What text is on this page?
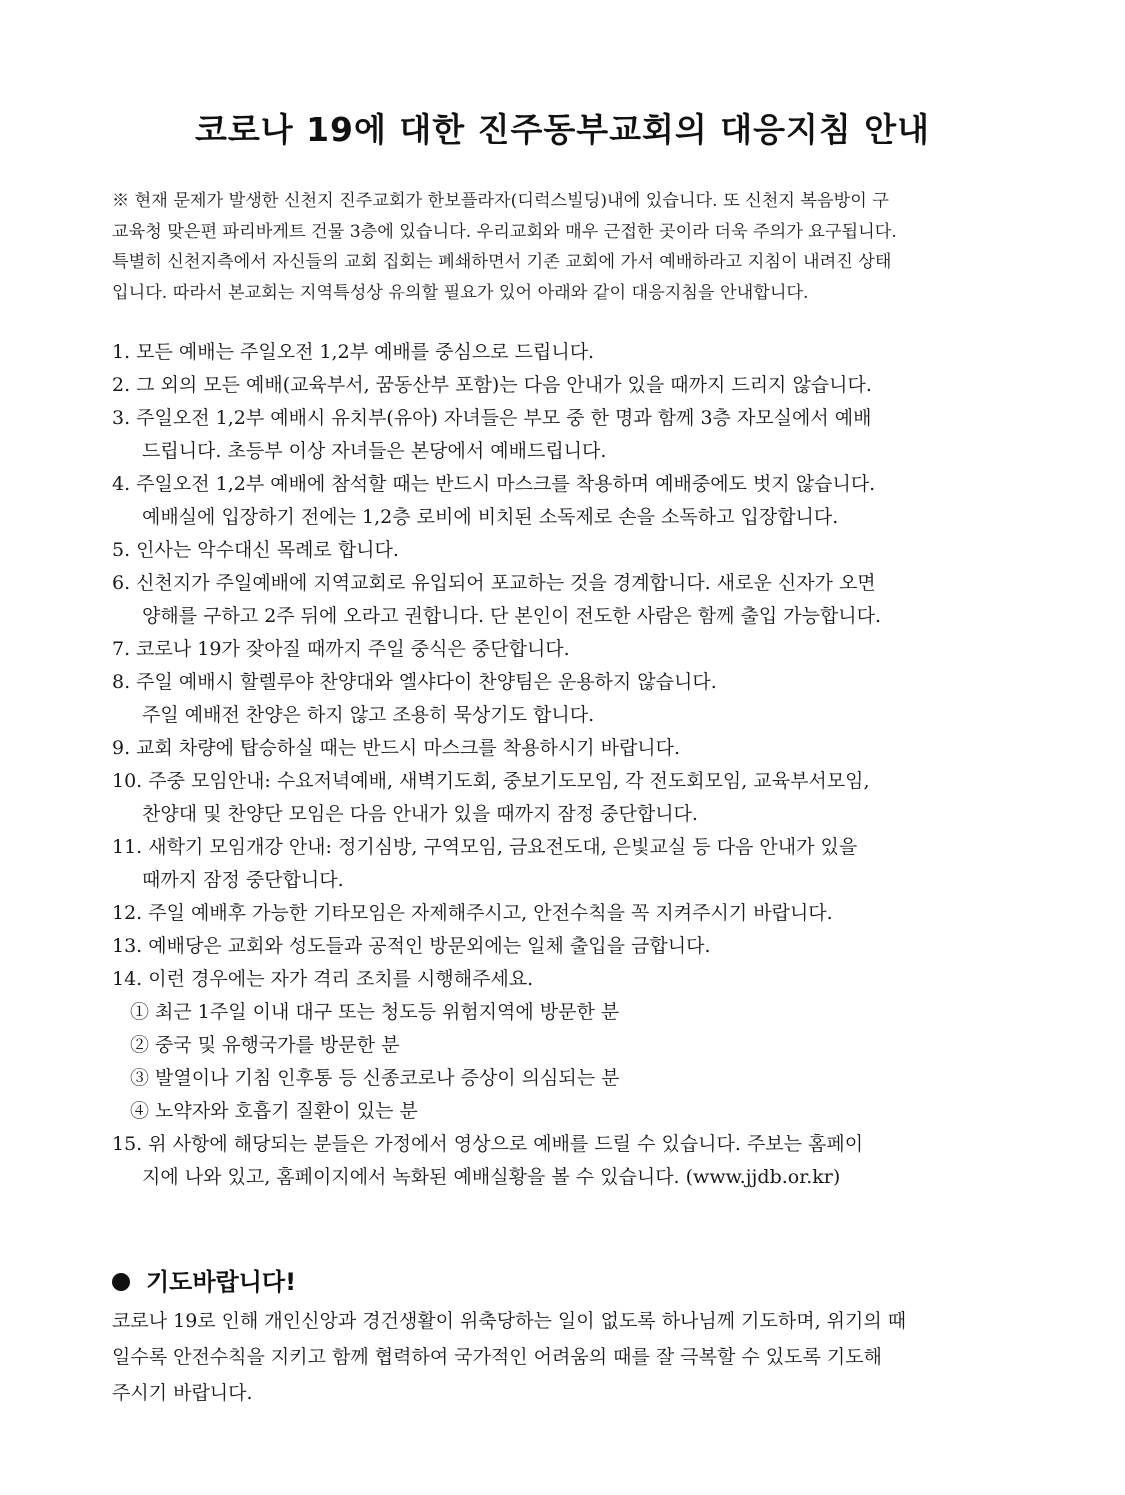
코로나 19에 대한 진주동부교회의 대응지침 안내
※ 현재 문제가 발생한 신천지 진주교회가 한보플라자(디럭스빌딩)내에 있습니다. 또 신천지 복음방이 구
교육청 맞은편 파리바게트 건물 3층에 있습니다. 우리교회와 매우 근접한 곳이라 더욱 주의가 요구됩니다.
특별히 신천지측에서 자신들의 교회 집회는 폐쇄하면서 기존 교회에 가서 예배하라고 지침이 내려진 상태
입니다. 따라서 본교회는 지역특성상 유의할 필요가 있어 아래와 같이 대응지침을 안내합니다.
1. 모든 예배는 주일오전 1,2부 예배를 중심으로 드립니다.
2. 그 외의 모든 예배(교육부서, 꿈동산부 포함)는 다음 안내가 있을 때까지 드리지 않습니다.
3. 주일오전 1,2부 예배시 유치부(유아) 자녀들은 부모 중 한 명과 함께 3층 자모실에서 예배
드립니다. 초등부 이상 자녀들은 본당에서 예배드립니다.
4. 주일오전 1,2부 예배에 참석할 때는 반드시 마스크를 착용하며 예배중에도 벗지 않습니다.
예배실에 입장하기 전에는 1,2층 로비에 비치된 소독제로 손을 소독하고 입장합니다.
5. 인사는 악수대신 목례로 합니다.
6. 신천지가 주일예배에 지역교회로 유입되어 포교하는 것을 경계합니다. 새로운 신자가 오면
양해를 구하고 2주 뒤에 오라고 권합니다. 단 본인이 전도한 사람은 함께 출입 가능합니다.
7. 코로나 19가 잦아질 때까지 주일 중식은 중단합니다.
8. 주일 예배시 할렐루야 찬양대와 엘샤다이 찬양팀은 운용하지 않습니다.
주일 예배전 찬양은 하지 않고 조용히 묵상기도 합니다.
9. 교회 차량에 탑승하실 때는 반드시 마스크를 착용하시기 바랍니다.
10. 주중 모임안내: 수요저녁예배, 새벽기도회, 중보기도모임, 각 전도회모임, 교육부서모임,
찬양대 및 찬양단 모임은 다음 안내가 있을 때까지 잠정 중단합니다.
11. 새학기 모임개강 안내: 정기심방, 구역모임, 금요전도대, 은빛교실 등 다음 안내가 있을
때까지 잠정 중단합니다.
12. 주일 예배후 가능한 기타모임은 자제해주시고, 안전수칙을 꼭 지켜주시기 바랍니다.
13. 예배당은 교회와 성도들과 공적인 방문외에는 일체 출입을 금합니다.
14. 이런 경우에는 자가 격리 조치를 시행해주세요.
① 최근 1주일 이내 대구 또는 청도등 위험지역에 방문한 분
② 중국 및 유행국가를 방문한 분
③ 발열이나 기침 인후통 등 신종코로나 증상이 의심되는 분
④ 노약자와 호흡기 질환이 있는 분
15. 위 사항에 해당되는 분들은 가정에서 영상으로 예배를 드릴 수 있습니다. 주보는 홈페이
지에 나와 있고, 홈페이지에서 녹화된 예배실황을 볼 수 있습니다. (www.jjdb.or.kr)
기도바랍니다!
코로나 19로 인해 개인신앙과 경건생활이 위축당하는 일이 없도록 하나님께 기도하며, 위기의 때
일수록 안전수칙을 지키고 함께 협력하여 국가적인 어려움의 때를 잘 극복할 수 있도록 기도해
주시기 바랍니다.
